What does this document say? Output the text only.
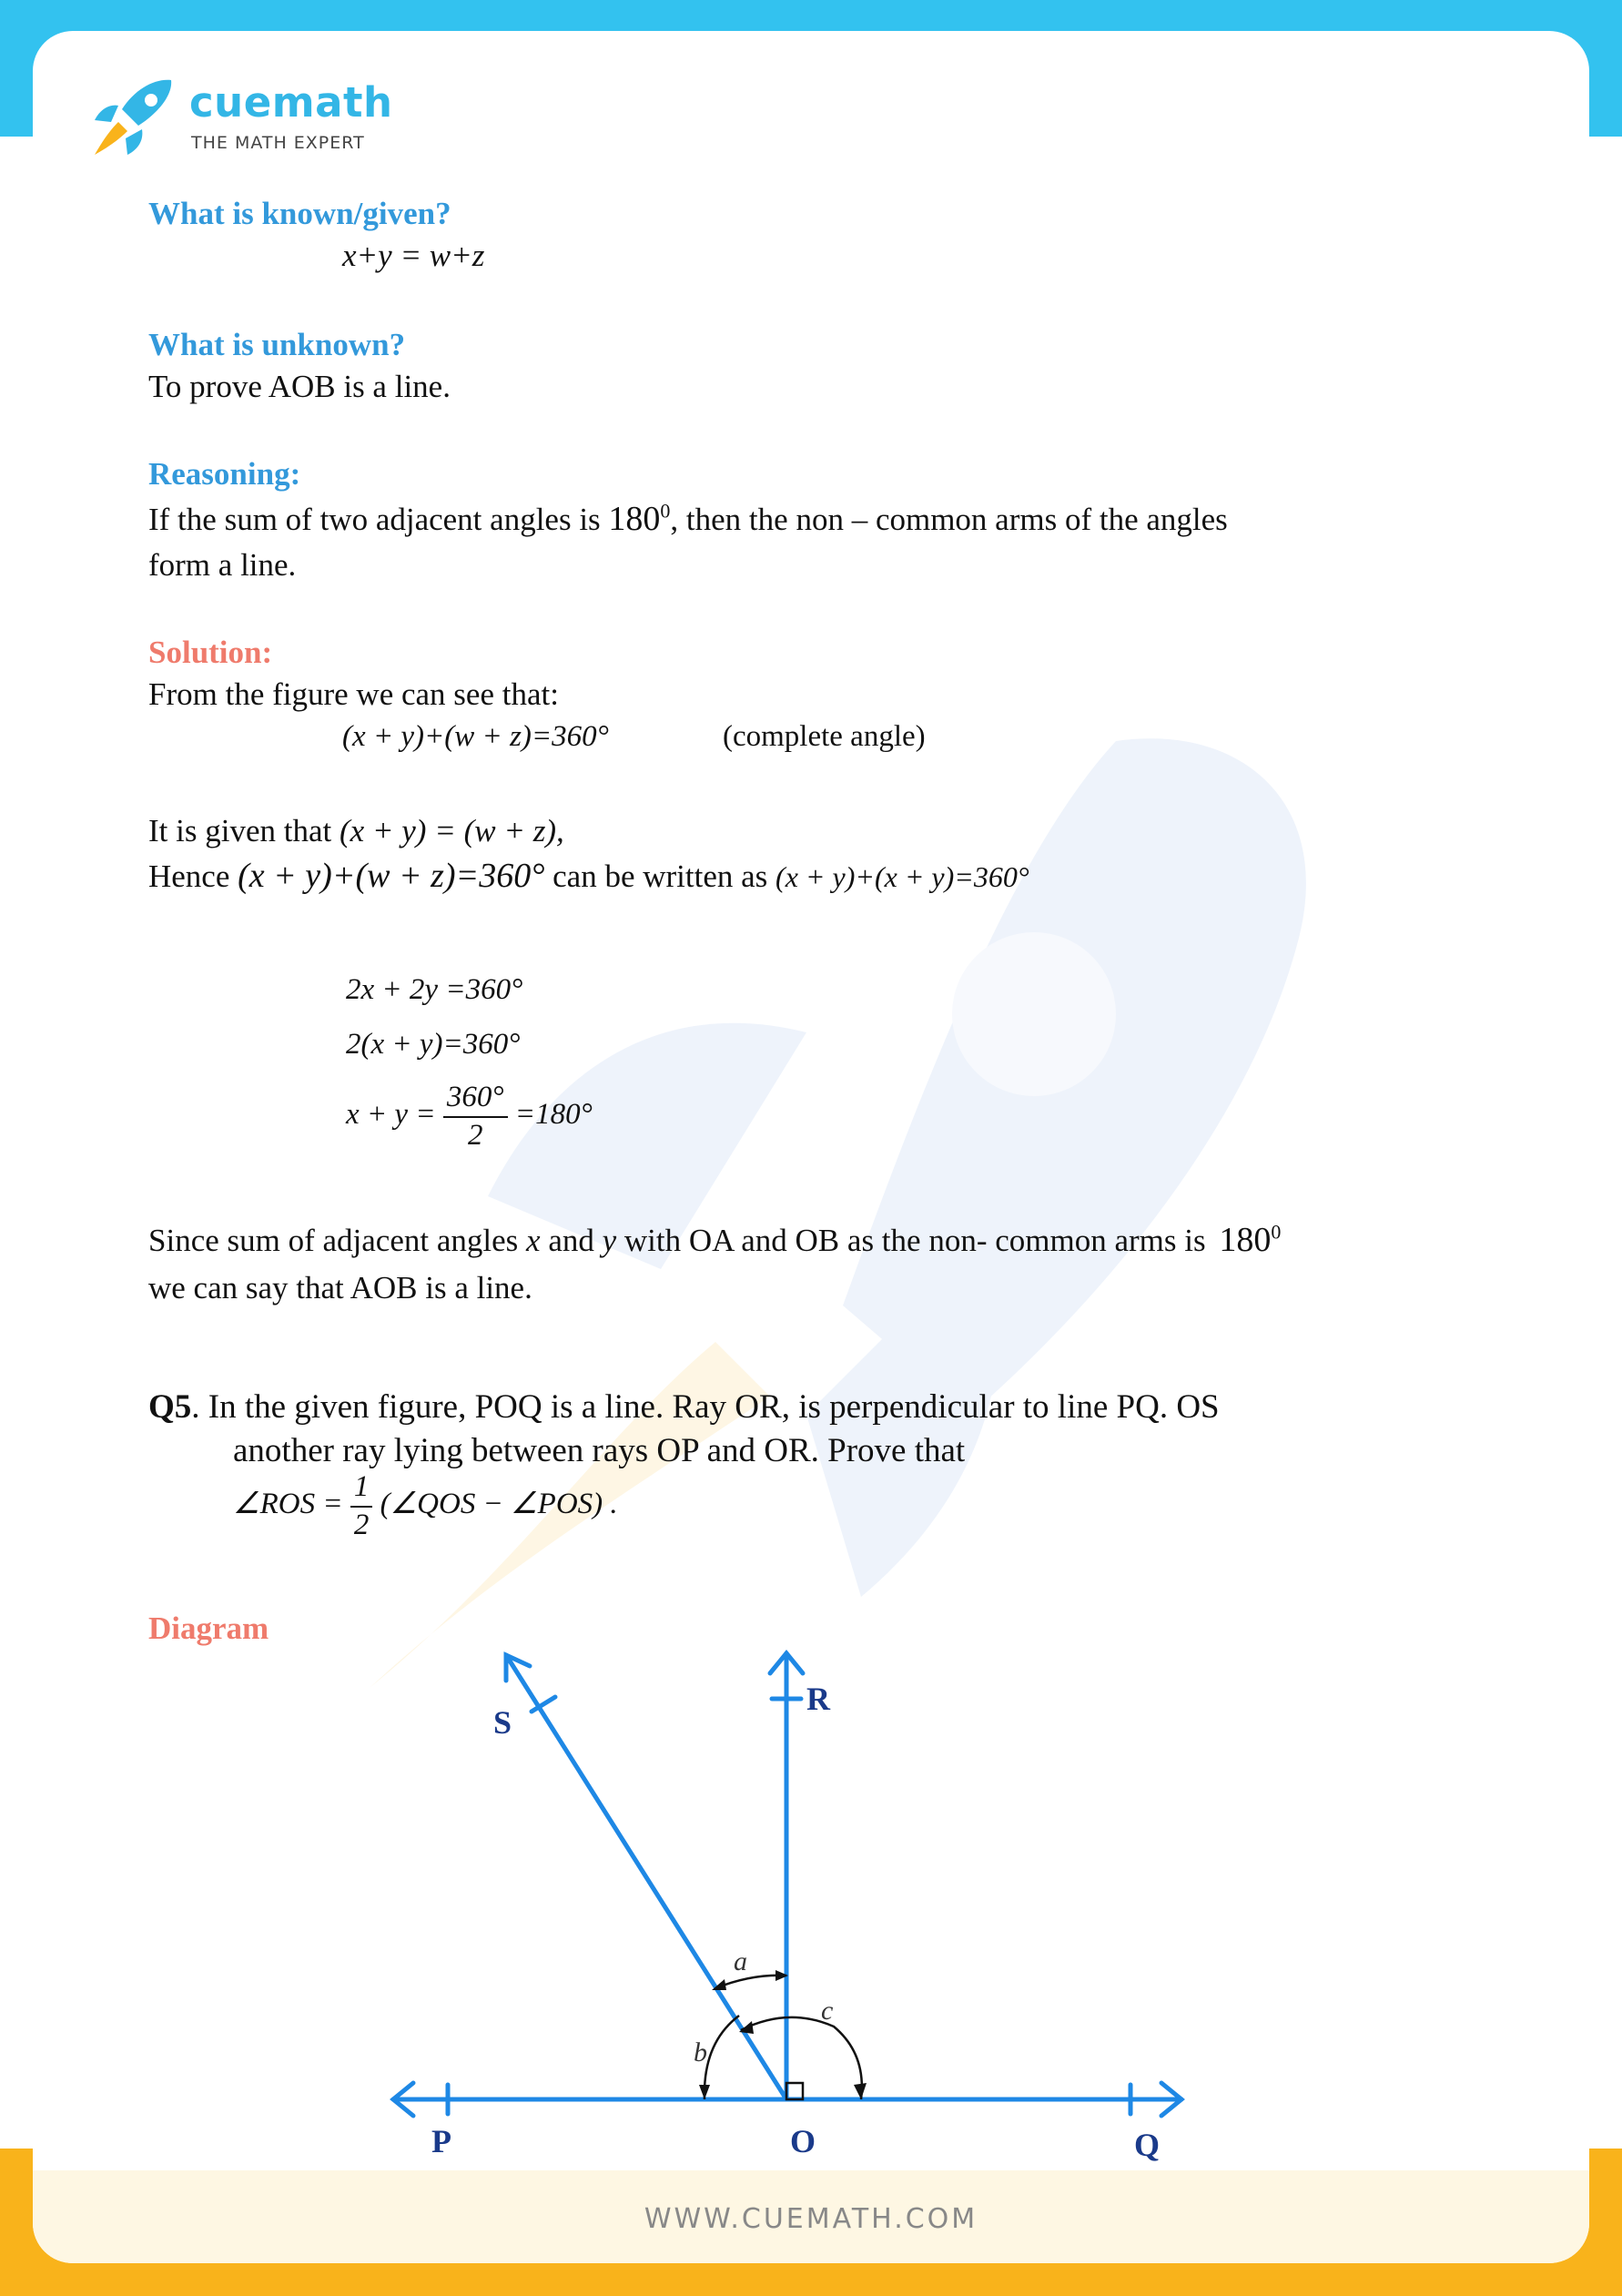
cuemath
THE MATH EXPERT
What is known/given?
x+y = w+z
What is unknown?
To prove AOB is a line.
Reasoning:
If the sum of two adjacent angles is $180^0$, then the non – common arms of the angles
form a line.
Solution:
From the figure we can see that:
(x + y)+(w + z)=360°	(complete angle)
It is given that (x + y) = (w + z),
Hence (x + y)+(w + z)=360° can be written as (x + y)+(x + y)=360°
2x + 2y =360°
2(x + y)=360°
$x + y = \frac{360^\circ}{2} =180^\circ$
Since sum of adjacent angles x and y with OA and OB as the non- common arms is $180^0$
we can say that AOB is a line.
Q5. In the given figure, POQ is a line. Ray OR, is perpendicular to line PQ. OS
another ray lying between rays OP and OR. Prove that
∠ROS = $\frac{1}{2}$ (∠QOS − ∠POS) .
Diagram
P	O	Q
R
S
a
b
c
WWW.CUEMATH.COM
